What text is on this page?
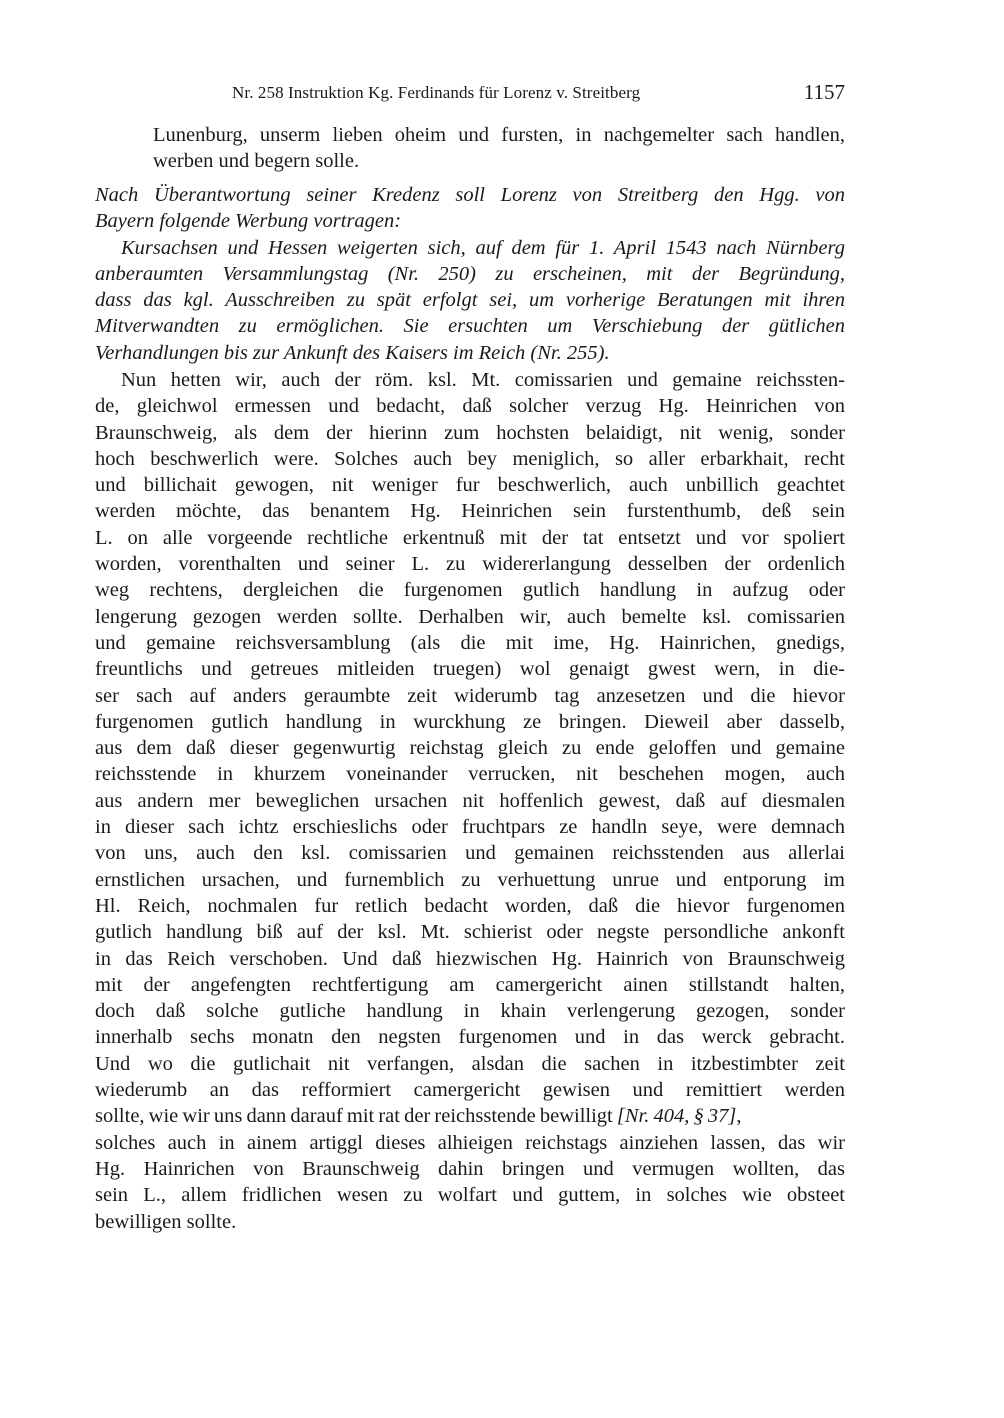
Nr. 258 Instruktion Kg. Ferdinands für Lorenz v. Streitberg	1157
Lunenburg, unserm lieben oheim und fursten, in nachgemelter sach handlen,
werben und begern solle.
Nach Überantwortung seiner Kredenz soll Lorenz von Streitberg den Hgg. von
Bayern folgende Werbung vortragen:
Kursachsen und Hessen weigerten sich, auf dem für 1. April 1543 nach Nürnberg
anberaumten Versammlungstag (Nr. 250) zu erscheinen, mit der Begründung,
dass das kgl. Ausschreiben zu spät erfolgt sei, um vorherige Beratungen mit ihren
Mitverwandten zu ermöglichen. Sie ersuchten um Verschiebung der gütlichen
Verhandlungen bis zur Ankunft des Kaisers im Reich (Nr. 255).
Nun hetten wir, auch der röm. ksl. Mt. comissarien und gemaine reichssten-
de, gleichwol ermessen und bedacht, daß solcher verzug Hg. Heinrichen von
Braunschweig, als dem der hierinn zum hochsten belaidigt, nit wenig, sonder
hoch beschwerlich were. Solches auch bey meniglich, so aller erbarkhait, recht
und billichait gewogen, nit weniger fur beschwerlich, auch unbillich geachtet
werden möchte, das benantem Hg. Heinrichen sein furstenthumb, deß sein
L. on alle vorgeende rechtliche erkentnuß mit der tat entsetzt und vor spoliert
worden, vorenthalten und seiner L. zu widererlangung desselben der ordenlich
weg rechtens, dergleichen die furgenomen gutlich handlung in aufzug oder
lengerung gezogen werden sollte. Derhalben wir, auch bemelte ksl. comissarien
und gemaine reichsversamblung (als die mit ime, Hg. Hainrichen, gnedigs,
freuntlichs und getreues mitleiden truegen) wol genaigt gwest wern, in die-
ser sach auf anders geraumbte zeit widerumb tag anzesetzen und die hievor
furgenomen gutlich handlung in wurckhung ze bringen. Dieweil aber dasselb,
aus dem daß dieser gegenwurtig reichstag gleich zu ende geloffen und gemaine
reichsstende in khurzem voneinander verrucken, nit beschehen mogen, auch
aus andern mer beweglichen ursachen nit hoffenlich gewest, daß auf diesmalen
in dieser sach ichtz erschieslichs oder fruchtpars ze handln seye, were demnach
von uns, auch den ksl. comissarien und gemainen reichsstenden aus allerlai
ernstlichen ursachen, und furnemblich zu verhuettung unrue und entporung im
Hl. Reich, nochmalen fur retlich bedacht worden, daß die hievor furgenomen
gutlich handlung biß auf der ksl. Mt. schierist oder negste persondliche ankonft
in das Reich verschoben. Und daß hiezwischen Hg. Hainrich von Braunschweig
mit der angefengten rechtfertigung am camergericht ainen stillstandt halten,
doch daß solche gutliche handlung in khain verlengerung gezogen, sonder
innerhalb sechs monatn den negsten furgenomen und in das werck gebracht.
Und wo die gutlichait nit verfangen, alsdan die sachen in itzbestimbter zeit
wiederumb an das refformiert camergericht gewisen und remittiert werden
sollte, wie wir uns dann darauf mit rat der reichsstende bewilligt [Nr. 404, § 37],
solches auch in ainem artiggl dieses alhieigen reichstags ainziehen lassen, das wir
Hg. Hainrichen von Braunschweig dahin bringen und vermugen wollten, das
sein L., allem fridlichen wesen zu wolfart und guttem, in solches wie obsteet
bewilligen sollte.
